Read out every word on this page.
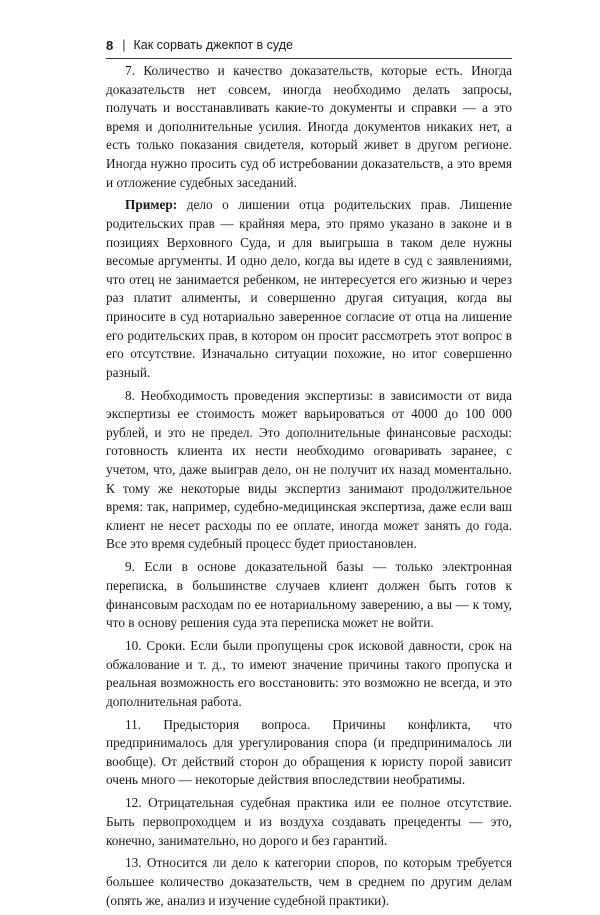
8 | Как сорвать джекпот в суде

7. Количество и качество доказательств, которые есть. Иногда доказательств нет совсем, иногда необходимо делать запросы, получать и восстанавливать какие-то документы и справки — а это время и дополнительные усилия. Иногда документов никаких нет, а есть только показания свидетеля, который живет в другом регионе. Иногда нужно просить суд об истребовании доказательств, а это время и отложение судебных заседаний.

Пример: дело о лишении отца родительских прав. Лишение родительских прав — крайняя мера, это прямо указано в законе и в позициях Верховного Суда, и для выигрыша в таком деле нужны весомые аргументы. И одно дело, когда вы идете в суд с заявлениями, что отец не занимается ребенком, не интересуется его жизнью и через раз платит алименты, и совершенно другая ситуация, когда вы приносите в суд нотариально заверенное согласие от отца на лишение его родительских прав, в котором он просит рассмотреть этот вопрос в его отсутствие. Изначально ситуации похожие, но итог совершенно разный.

8. Необходимость проведения экспертизы: в зависимости от вида экспертизы ее стоимость может варьироваться от 4000 до 100 000 рублей, и это не предел. Это дополнительные финансовые расходы: готовность клиента их нести необходимо оговаривать заранее, с учетом, что, даже выиграв дело, он не получит их назад моментально. К тому же некоторые виды экспертиз занимают продолжительное время: так, например, судебно-медицинская экспертиза, даже если ваш клиент не несет расходы по ее оплате, иногда может занять до года. Все это время судебный процесс будет приостановлен.

9. Если в основе доказательной базы — только электронная переписка, в большинстве случаев клиент должен быть готов к финансовым расходам по ее нотариальному заверению, а вы — к тому, что в основу решения суда эта переписка может не войти.

10. Сроки. Если были пропущены срок исковой давности, срок на обжалование и т. д., то имеют значение причины такого пропуска и реальная возможность его восстановить: это возможно не всегда, и это дополнительная работа.

11. Предыстория вопроса. Причины конфликта, что предпринималось для урегулирования спора (и предпринималось ли вообще). От действий сторон до обращения к юристу порой зависит очень много — некоторые действия впоследствии необратимы.

12. Отрицательная судебная практика или ее полное отсутствие. Быть первопроходцем и из воздуха создавать прецеденты — это, конечно, занимательно, но дорого и без гарантий.

13. Относится ли дело к категории споров, по которым требуется большее количество доказательств, чем в среднем по другим делам (опять же, анализ и изучение судебной практики).
